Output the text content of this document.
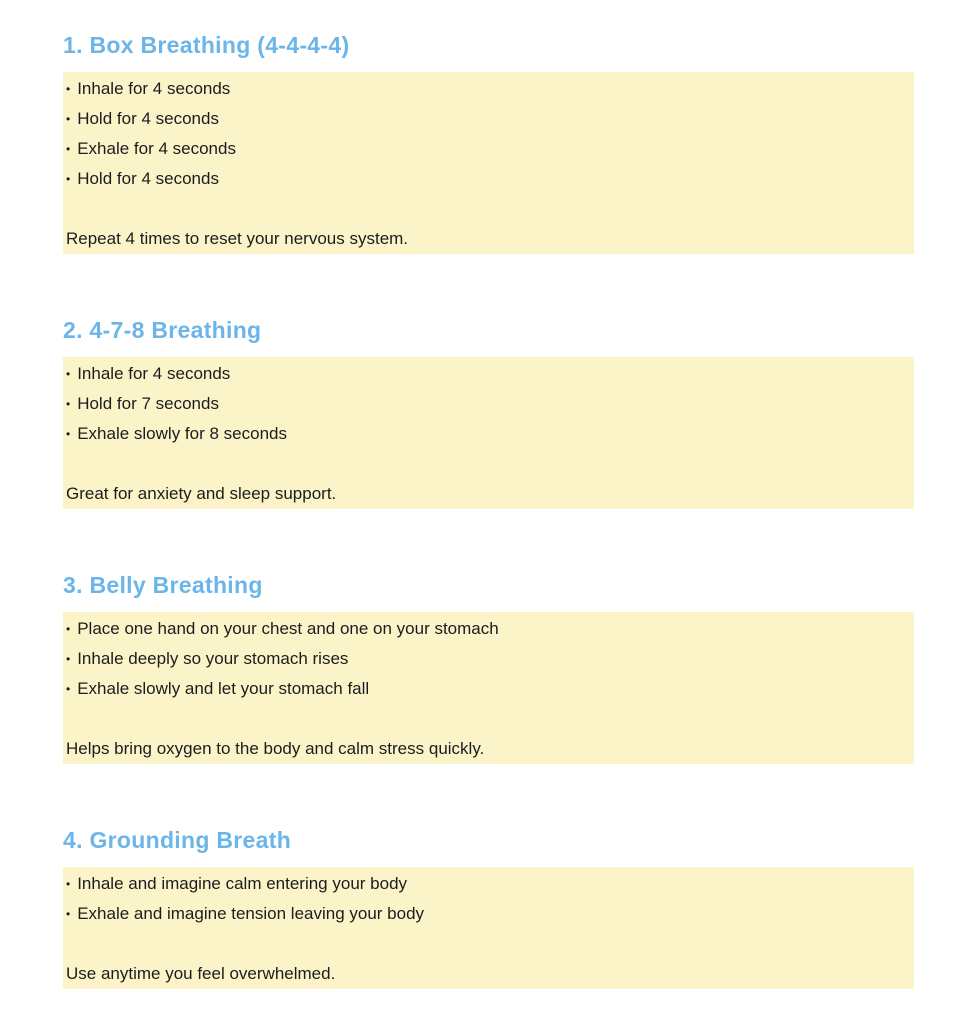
1. Box Breathing (4-4-4-4)
• Inhale for 4 seconds
• Hold for 4 seconds
• Exhale for 4 seconds
• Hold for 4 seconds
Repeat 4 times to reset your nervous system.
2. 4-7-8 Breathing
• Inhale for 4 seconds
• Hold for 7 seconds
• Exhale slowly for 8 seconds
Great for anxiety and sleep support.
3. Belly Breathing
• Place one hand on your chest and one on your stomach
• Inhale deeply so your stomach rises
• Exhale slowly and let your stomach fall
Helps bring oxygen to the body and calm stress quickly.
4. Grounding Breath
• Inhale and imagine calm entering your body
• Exhale and imagine tension leaving your body
Use anytime you feel overwhelmed.
